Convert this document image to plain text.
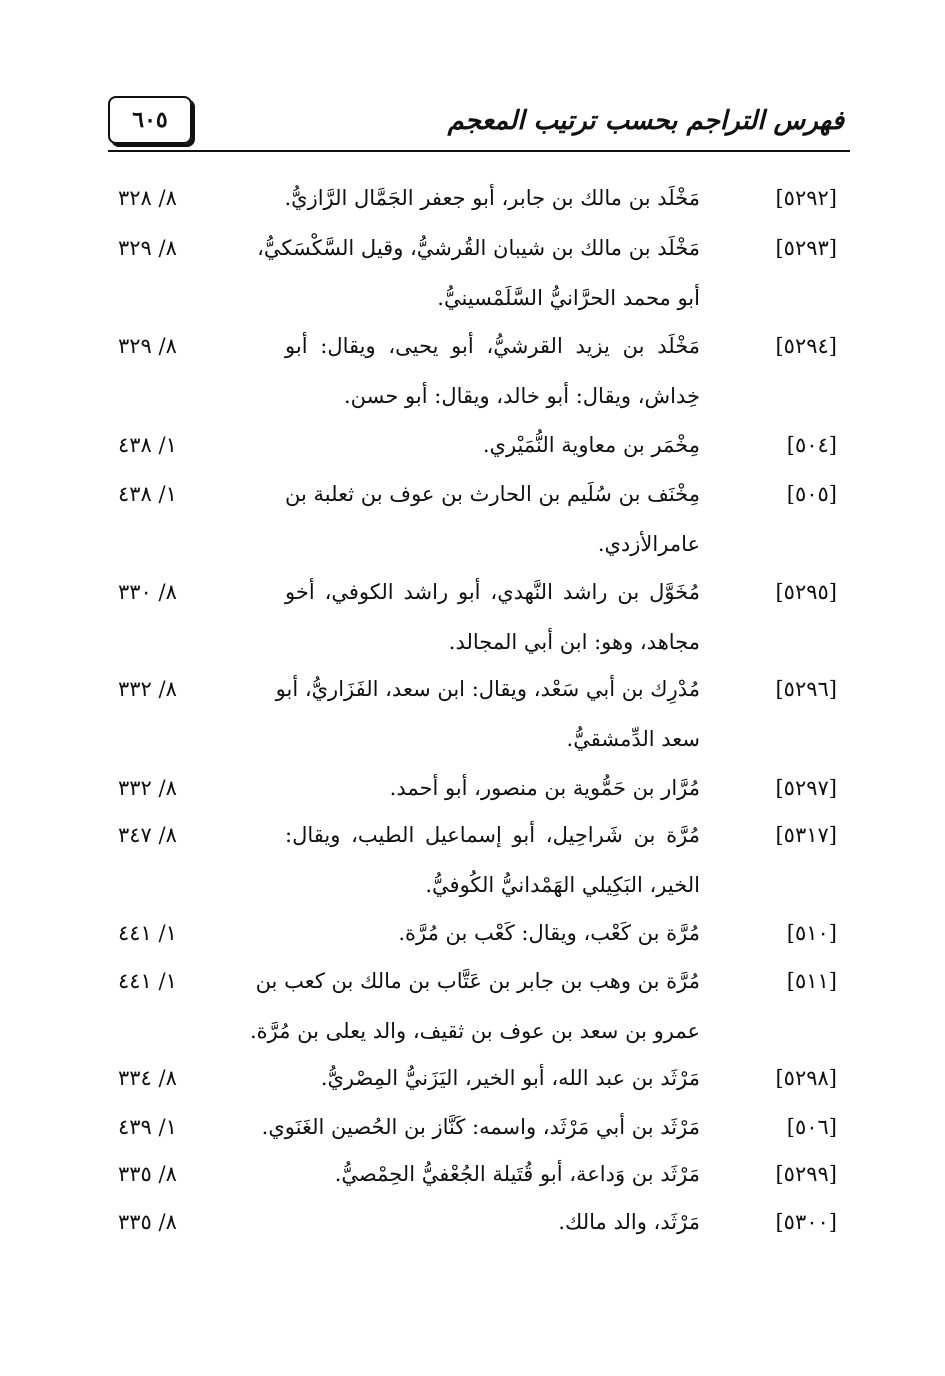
٦٠٥	فهرس التراجم بحسب ترتيب المعجم
[٥٢٩٢]
مَخْلَد بن مالك بن جابر، أبو جعفر الجَمَّال الرَّازيُّ.
٨/ ٣٢٨
[٥٢٩٣]
مَخْلَد بن مالك بن شيبان القُرشيُّ، وقيل السَّكْسَكيُّ،
أبو محمد الحرَّانيُّ السَّلَمْسينيُّ.
٨/ ٣٢٩
[٥٢٩٤]
مَخْلَد بن يزيد القرشيُّ، أبو يحيى، ويقال: أبو
خِداش، ويقال: أبو خالد، ويقال: أبو حسن.
٨/ ٣٢٩
[٥٠٤]
مِخْمَر بن معاوية النُّمَيْري.
١/ ٤٣٨
[٥٠٥]
مِخْنَف بن سُلَيم بن الحارث بن عوف بن ثعلبة بن
عامرالأزدي.
١/ ٤٣٨
[٥٢٩٥]
مُخَوَّل بن راشد النَّهدي، أبو راشد الكوفي، أخو
مجاهد، وهو: ابن أبي المجالد.
٨/ ٣٣٠
[٥٢٩٦]
مُدْرِك بن أبي سَعْد، ويقال: ابن سعد، الفَزَاريُّ، أبو
سعد الدِّمشقيُّ.
٨/ ٣٣٢
[٥٢٩٧]
مُرَّار بن حَمُّوية بن منصور، أبو أحمد.
٨/ ٣٣٢
[٥٣١٧]
مُرَّة بن شَراحِيل، أبو إسماعيل الطيب، ويقال:
الخير، البَكِيلي الهَمْدانيُّ الكُوفيُّ.
٨/ ٣٤٧
[٥١٠]
مُرَّة بن كَعْب، ويقال: كَعْب بن مُرَّة.
١/ ٤٤١
[٥١١]
مُرَّة بن وهب بن جابر بن عَتَّاب بن مالك بن كعب بن
عمرو بن سعد بن عوف بن ثقيف، والد يعلى بن مُرَّة.
١/ ٤٤١
[٥٢٩٨]
مَرْثَد بن عبد الله، أبو الخير، اليَزَنيُّ المِصْريُّ.
٨/ ٣٣٤
[٥٠٦]
مَرْثَد بن أبي مَرْثَد، واسمه: كَنَّاز بن الحُصين الغَنَوي.
١/ ٤٣٩
[٥٢٩٩]
مَرْثَد بن وَداعة، أبو قُتَيلة الجُعْفيُّ الحِمْصيُّ.
٨/ ٣٣٥
[٥٣٠٠]
مَرْثَد، والد مالك.
٨/ ٣٣٥
